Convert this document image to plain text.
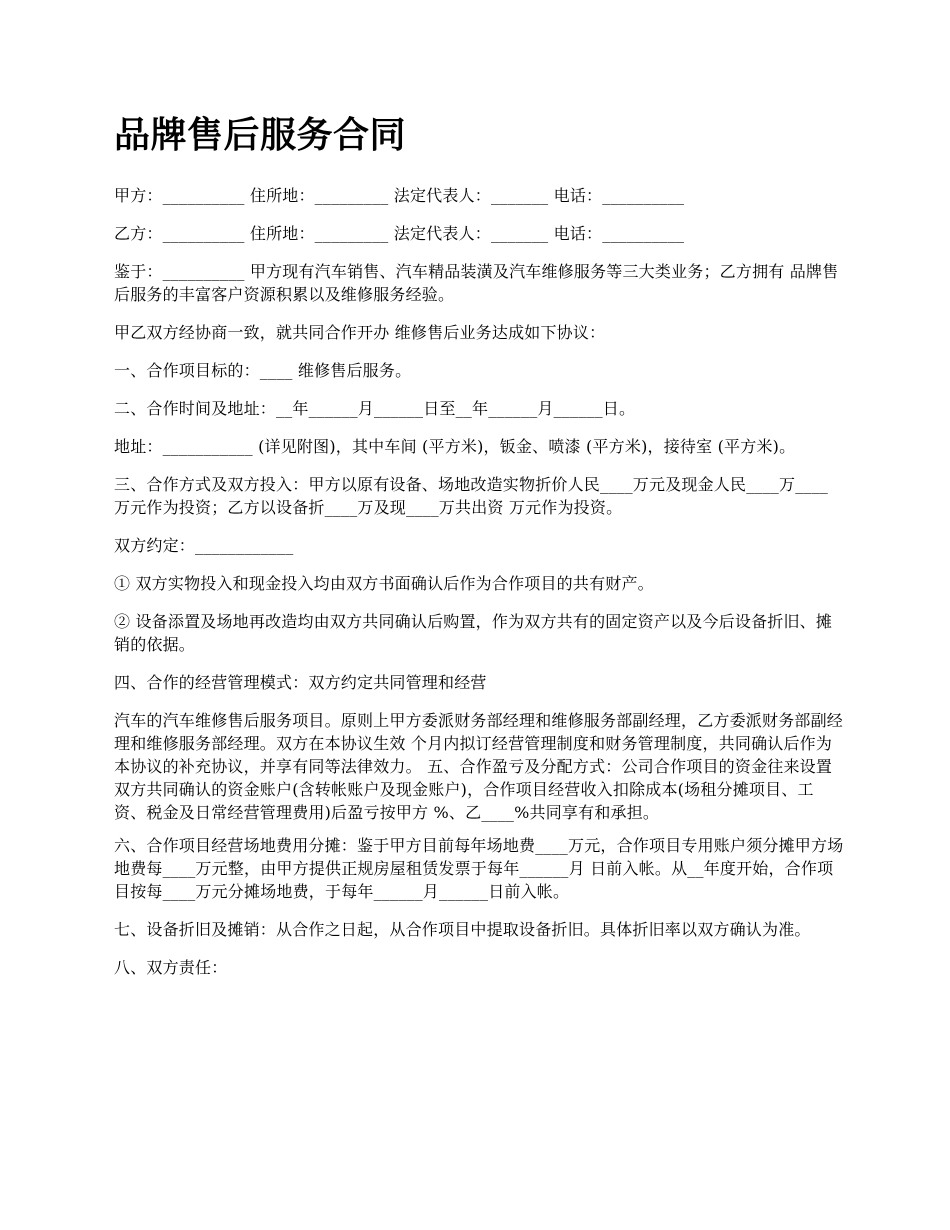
品牌售后服务合同

甲方：__________ 住所地：_________ 法定代表人：_______ 电话：__________

乙方：__________ 住所地：_________ 法定代表人：_______ 电话：__________

鉴于：__________ 甲方现有汽车销售、汽车精品装潢及汽车维修服务等三大类业务；乙方拥有 品牌售后服务的丰富客户资源积累以及维修服务经验。

甲乙双方经协商一致，就共同合作开办 维修售后业务达成如下协议：

一、合作项目标的：____ 维修售后服务。

二、合作时间及地址：__年______月______日至__年______月______日。

地址：___________ (详见附图)，其中车间 (平方米)，钣金、喷漆 (平方米)，接待室 (平方米)。

三、合作方式及双方投入：甲方以原有设备、场地改造实物折价人民____万元及现金人民____万____万元作为投资；乙方以设备折____万及现____万共出资 万元作为投资。

双方约定：____________

① 双方实物投入和现金投入均由双方书面确认后作为合作项目的共有财产。

② 设备添置及场地再改造均由双方共同确认后购置，作为双方共有的固定资产以及今后设备折旧、摊销的依据。

四、合作的经营管理模式：双方约定共同管理和经营

汽车的汽车维修售后服务项目。原则上甲方委派财务部经理和维修服务部副经理，乙方委派财务部副经理和维修服务部经理。双方在本协议生效 个月内拟订经营管理制度和财务管理制度，共同确认后作为本协议的补充协议，并享有同等法律效力。 五、合作盈亏及分配方式：公司合作项目的资金往来设置双方共同确认的资金账户(含转帐账户及现金账户)，合作项目经营收入扣除成本(场租分摊项目、工资、税金及日常经营管理费用)后盈亏按甲方 %、乙____%共同享有和承担。

六、合作项目经营场地费用分摊：鉴于甲方目前每年场地费____万元，合作项目专用账户须分摊甲方场地费每____万元整，由甲方提供正规房屋租赁发票于每年______月 日前入帐。从__年度开始，合作项目按每____万元分摊场地费，于每年______月______日前入帐。

七、设备折旧及摊销：从合作之日起，从合作项目中提取设备折旧。具体折旧率以双方确认为准。

八、双方责任：
